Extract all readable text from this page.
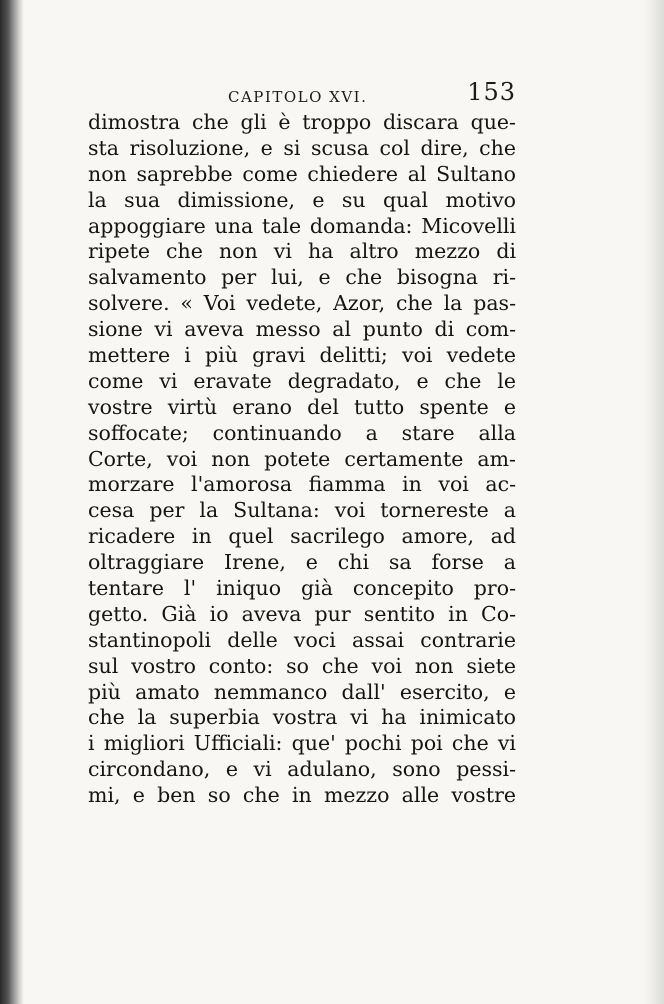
CAPITOLO XVI.	153
dimostra che gli è troppo discara que-
sta risoluzione, e si scusa col dire, che
non saprebbe come chiedere al Sultano
la sua dimissione, e su qual motivo
appoggiare una tale domanda: Micovelli
ripete che non vi ha altro mezzo di
salvamento per lui, e che bisogna ri-
solvere. « Voi vedete, Azor, che la pas-
sione vi aveva messo al punto di com-
mettere i più gravi delitti; voi vedete
come vi eravate degradato, e che le
vostre virtù erano del tutto spente e
soffocate; continuando a stare alla
Corte, voi non potete certamente am-
morzare l'amorosa fiamma in voi ac-
cesa per la Sultana: voi tornereste a
ricadere in quel sacrilego amore, ad
oltraggiare Irene, e chi sa forse a
tentare l' iniquo già concepito pro-
getto. Già io aveva pur sentito in Co-
stantinopoli delle voci assai contrarie
sul vostro conto: so che voi non siete
più amato nemmanco dall' esercito, e
che la superbia vostra vi ha inimicato
i migliori Ufficiali: que' pochi poi che vi
circondano, e vi adulano, sono pessi-
mi, e ben so che in mezzo alle vostre
